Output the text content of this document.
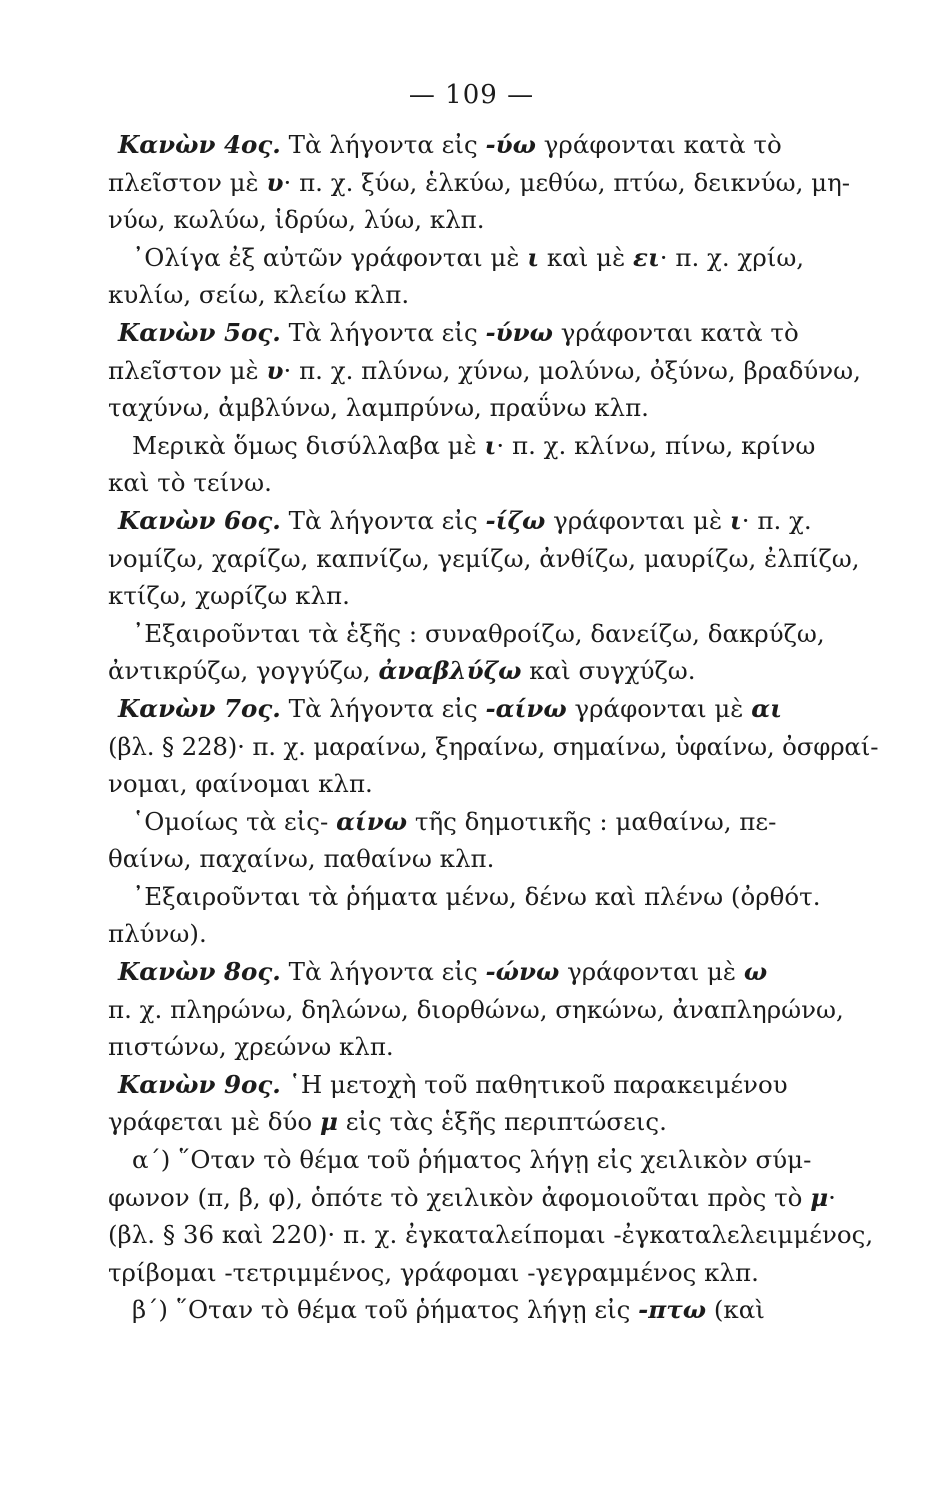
— 109 —
Κανὼν 4ος. Τὰ λήγοντα εἰς -ύω γράφονται κατὰ τὸ
πλεῖστον μὲ υ· π. χ. ξύω, ἑλκύω, μεθύω, πτύω, δεικνύω, μη-
νύω, κωλύω, ἱδρύω, λύω, κλπ.
᾿Ολίγα ἐξ αὐτῶν γράφονται μὲ ι καὶ μὲ ει· π. χ. χρίω,
κυλίω, σείω, κλείω κλπ.
Κανὼν 5ος. Τὰ λήγοντα εἰς -ύνω γράφονται κατὰ τὸ
πλεῖστον μὲ υ· π. χ. πλύνω, χύνω, μολύνω, ὀξύνω, βραδύνω,
ταχύνω, ἀμβλύνω, λαμπρύνω, πραΰνω κλπ.
Μερικὰ ὅμως δισύλλαβα μὲ ι· π. χ. κλίνω, πίνω, κρίνω
καὶ τὸ τείνω.
Κανὼν 6ος. Τὰ λήγοντα εἰς -ίζω γράφονται μὲ ι· π. χ.
νομίζω, χαρίζω, καπνίζω, γεμίζω, ἀνθίζω, μαυρίζω, ἐλπίζω,
κτίζω, χωρίζω κλπ.
᾿Εξαιροῦνται τὰ ἑξῆς : συναθροίζω, δανείζω, δακρύζω,
ἀντικρύζω, γογγύζω, ἀναβλύζω καὶ συγχύζω.
Κανὼν 7ος. Τὰ λήγοντα εἰς -αίνω γράφονται μὲ αι
(βλ. § 228)· π. χ. μαραίνω, ξηραίνω, σημαίνω, ὑφαίνω, ὀσφραί-
νομαι, φαίνομαι κλπ.
῾Ομοίως τὰ εἰς- αίνω τῆς δημοτικῆς : μαθαίνω, πε-
θαίνω, παχαίνω, παθαίνω κλπ.
᾿Εξαιροῦνται τὰ ῥήματα μένω, δένω καὶ πλένω (ὀρθότ.
πλύνω).
Κανὼν 8ος. Τὰ λήγοντα εἰς -ώνω γράφονται μὲ ω
π. χ. πληρώνω, δηλώνω, διορθώνω, σηκώνω, ἀναπληρώνω,
πιστώνω, χρεώνω κλπ.
Κανὼν 9ος. ῾Η μετοχὴ τοῦ παθητικοῦ παρακειμένου
γράφεται μὲ δύο μ εἰς τὰς ἑξῆς περιπτώσεις.
α΄) ῞Οταν τὸ θέμα τοῦ ῥήματος λήγῃ εἰς χειλικὸν σύμ-
φωνον (π, β, φ), ὁπότε τὸ χειλικὸν ἀφομοιοῦται πρὸς τὸ μ·
(βλ. § 36 καὶ 220)· π. χ. ἐγκαταλείπομαι -ἐγκαταλελειμμένος,
τρίβομαι -τετριμμένος, γράφομαι -γεγραμμένος κλπ.
β΄) ῞Οταν τὸ θέμα τοῦ ῥήματος λήγῃ εἰς -πτω (καὶ
